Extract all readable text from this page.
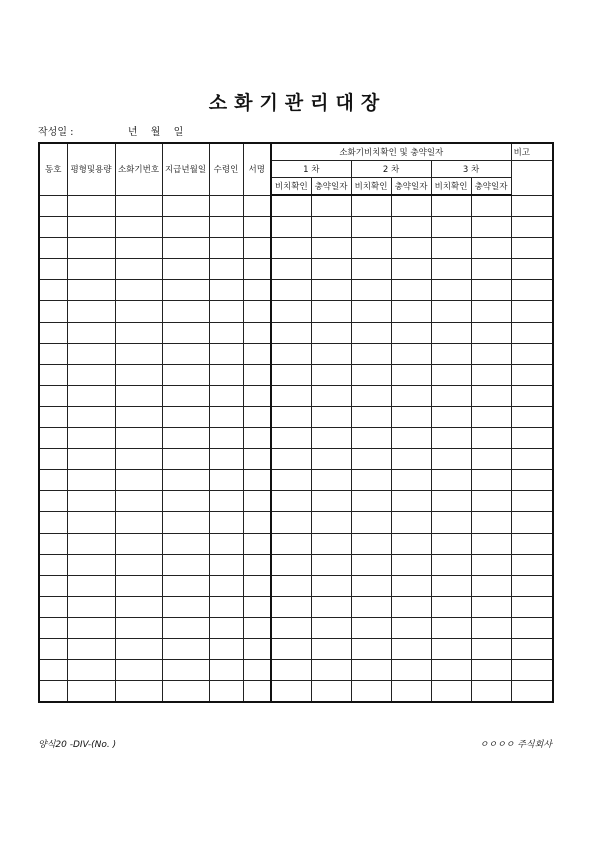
소화기관리대장
작성일 :	년 월 일
동호	평형및용량	소화기번호	지급년월일	수령인	서명	소화기비치확인 및 충약일자						비고
						1 차		2 차		3 차		
						비치확인	충약일자	비치확인	충약일자	비치확인	충약일자	

양식20 -DIV-(No. )	ㅇㅇㅇㅇ 주식회사
